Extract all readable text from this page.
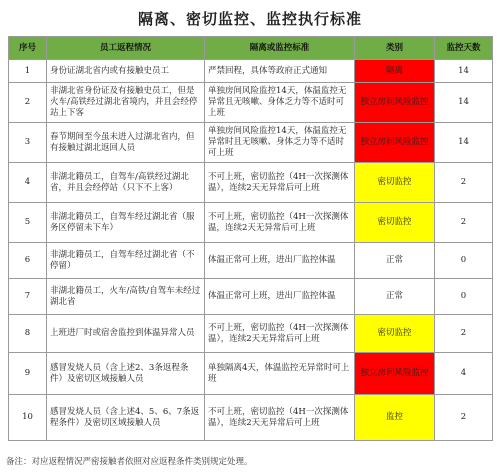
隔离、密切监控、监控执行标准
序号	员工返程情况	隔离或监控标准	类别	监控天数
1	身份证湖北省内或有接触史员工	严禁回程，具体等政府正式通知	隔离	14
2	非湖北省身份证及有接触史员工，但是火车/高铁经过湖北省境内，并且会经停站上下客	单独房间风险监控14天，体温监控无异常且无咳嗽、身体乏力等不适时可上班	独立房间风险监控	14
3	春节期间至今虽未进入过湖北省内，但有接触过湖北返回人员	单独房间风险监控14天，体温监控无异常时且无咳嗽、身体乏力等不适时可上班	独立房间风险监控	14
4	非湖北籍员工，自驾车/高铁经过湖北省，并且会经停站（只下不上客）	不可上班，密切监控（4H一次探测体温），连续2天无异常后可上班	密切监控	2
5	非湖北籍员工，自驾车经过湖北省（服务区停留未下车）	不可上班，密切监控（4H一次探测体温，连续2天无异常后可上班	密切监控	2
6	非湖北籍员工，自驾车经过湖北省（不停留）	体温正常可上班，进出厂监控体温	正常	0
7	非湖北籍员工，火车/高铁/自驾车未经过湖北省	体温正常可上班，进出厂监控体温	正常	0
8	上班进厂时或宿舍监控到体温异常人员	不可上班，密切监控（4H一次探测体温），连续2天无异常后可上班	密切监控	2
9	感冒发烧人员（含上述2、3条返程条件）及密切区域接触人员	单独隔离4天，体温监控无异常时可上班	独立房间风险监控	4
10	感冒发烧人员（含上述4、5、6、7条返程条件）及密切区域接触人员	不可上班，密切监控（4H一次探测体温），连续2天无异常后可上班	监控	2
备注：对应返程情况严密接触者依照对应返程条件类别规定处理。
